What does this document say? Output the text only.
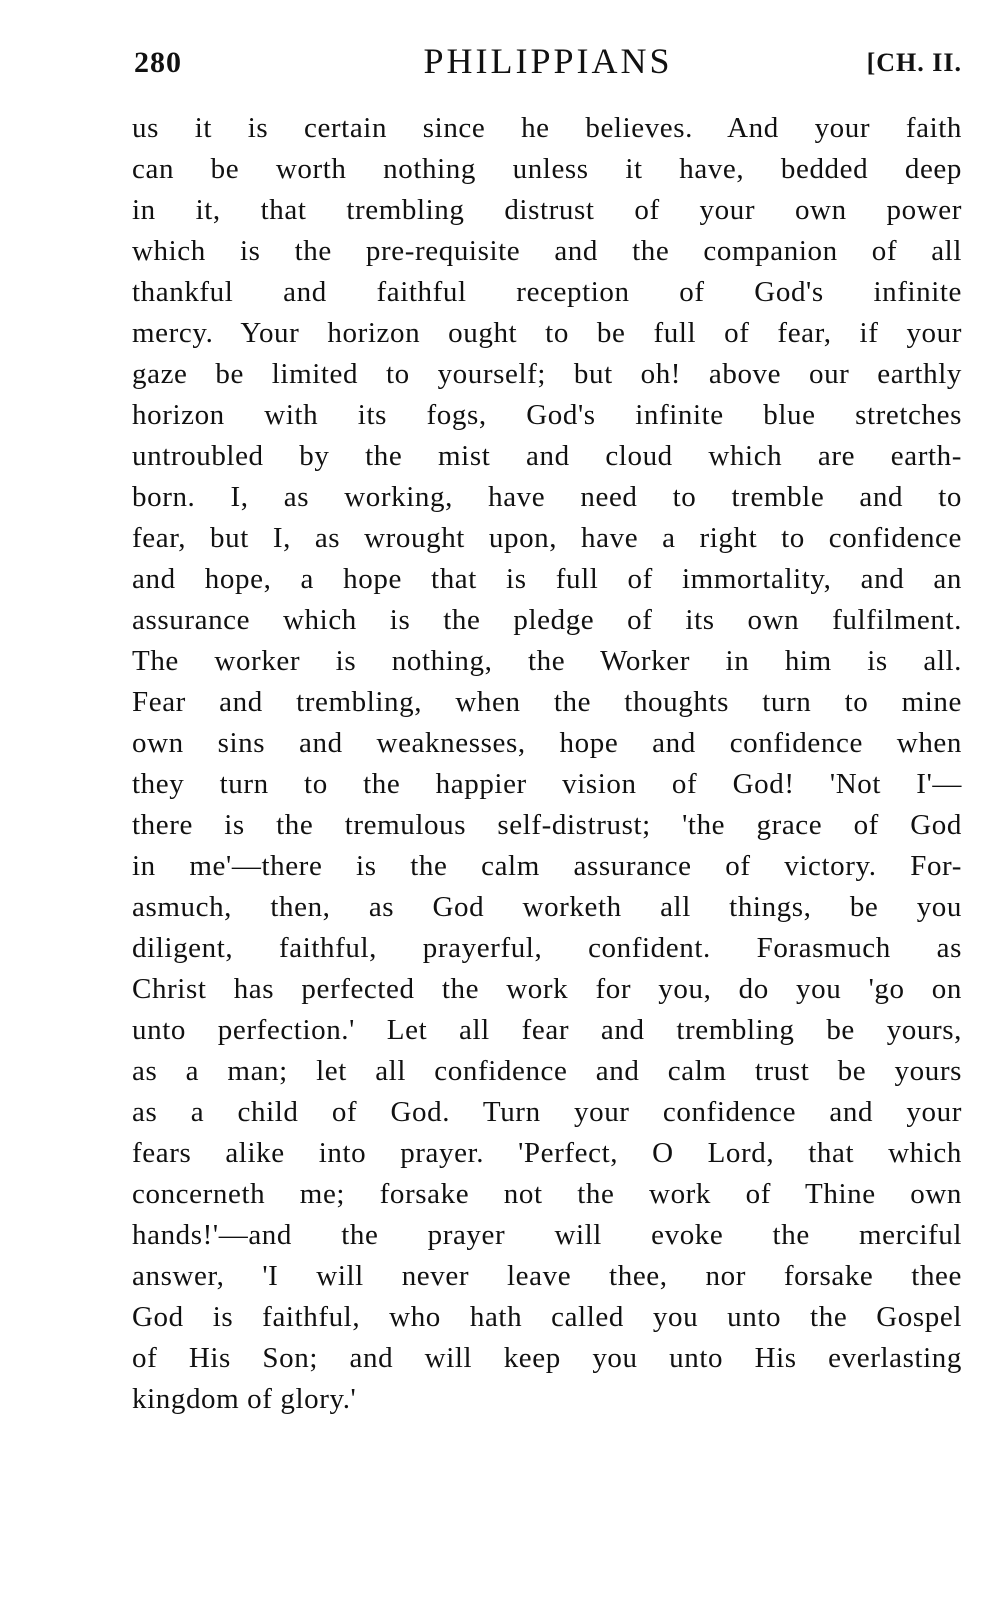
280	PHILIPPIANS	[CH. II.
us it is certain since he believes. And your faith
can be worth nothing unless it have, bedded deep
in it, that trembling distrust of your own power
which is the pre-requisite and the companion of all
thankful and faithful reception of God's infinite
mercy. Your horizon ought to be full of fear, if your
gaze be limited to yourself; but oh! above our earthly
horizon with its fogs, God's infinite blue stretches
untroubled by the mist and cloud which are earth-
born. I, as working, have need to tremble and to
fear, but I, as wrought upon, have a right to confidence
and hope, a hope that is full of immortality, and an
assurance which is the pledge of its own fulfilment.
The worker is nothing, the Worker in him is all.
Fear and trembling, when the thoughts turn to mine
own sins and weaknesses, hope and confidence when
they turn to the happier vision of God! 'Not I'—
there is the tremulous self-distrust; 'the grace of God
in me'—there is the calm assurance of victory. For-
asmuch, then, as God worketh all things, be you
diligent, faithful, prayerful, confident. Forasmuch as
Christ has perfected the work for you, do you 'go on
unto perfection.' Let all fear and trembling be yours,
as a man; let all confidence and calm trust be yours
as a child of God. Turn your confidence and your
fears alike into prayer. 'Perfect, O Lord, that which
concerneth me; forsake not the work of Thine own
hands!'—and the prayer will evoke the merciful
answer, 'I will never leave thee, nor forsake thee
God is faithful, who hath called you unto the Gospel
of His Son; and will keep you unto His everlasting
kingdom of glory.'
